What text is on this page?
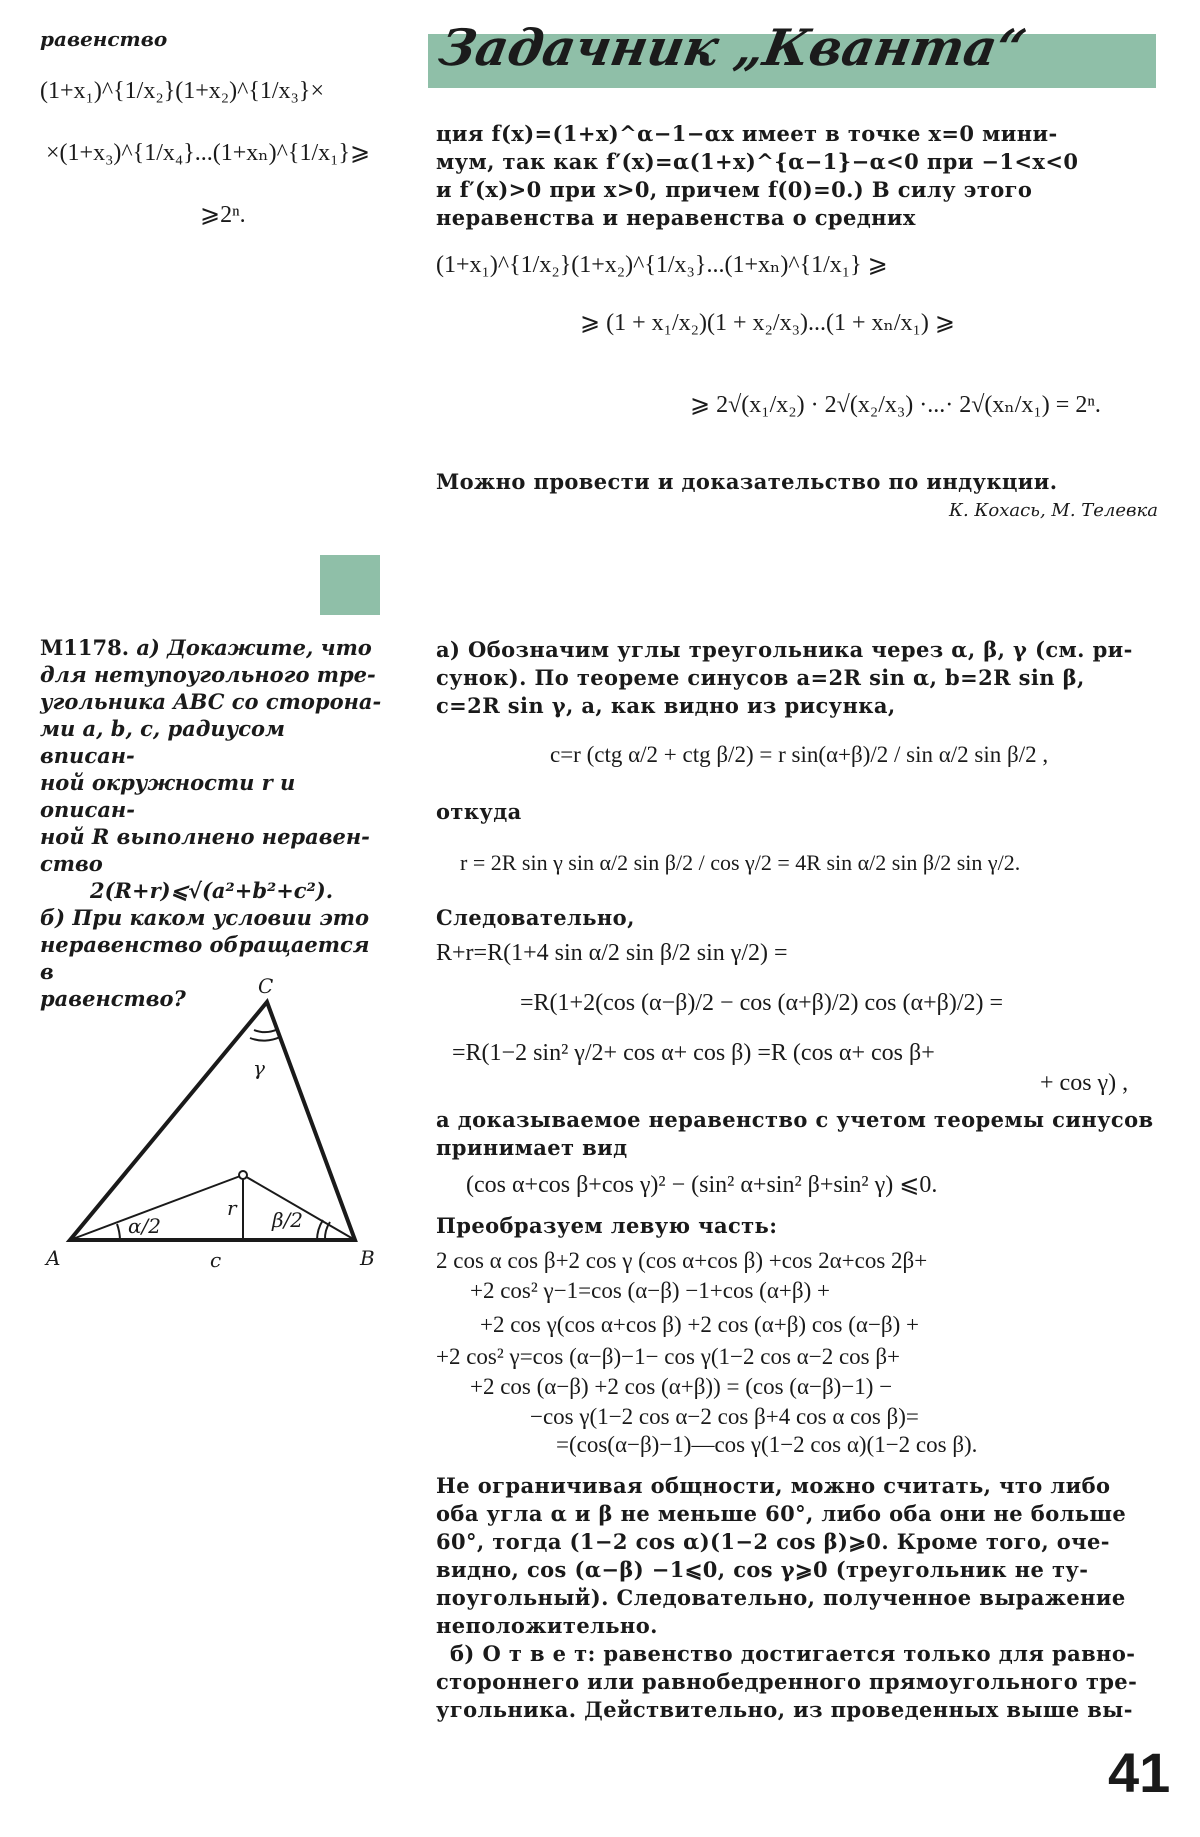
Задачник „Кванта“
равенство
(1+x₁)^{1/x₂}(1+x₂)^{1/x₃}×
×(1+x₃)^{1/x₄}...(1+xₙ)^{1/x₁}⩾
⩾2ⁿ.
ция f(x)=(1+x)^α−1−αx имеет в точке x=0 мини-
мум, так как f′(x)=α(1+x)^{α−1}−α<0 при −1<x<0
и f′(x)>0 при x>0, причем f(0)=0.) В силу этого
неравенства и неравенства о средних
(1+x₁)^{1/x₂}(1+x₂)^{1/x₃}...(1+xₙ)^{1/x₁} ⩾
⩾ (1 + x₁/x₂)(1 + x₂/x₃)...(1 + xₙ/x₁) ⩾
⩾ 2√(x₁/x₂) · 2√(x₂/x₃) ·...· 2√(xₙ/x₁) = 2ⁿ.
Можно провести и доказательство по индукции.
К. Кохась, М. Телевка
M1178. а) Докажите, что
для нетупоугольного тре-
угольника ABC со сторона-
ми a, b, c, радиусом вписан-
ной окружности r и описан-
ной R выполнено неравен-
ство
2(R+r)⩽√(a²+b²+c²).
б) При каком условии это
неравенство обращается в
равенство?
A	B
C
c
r
γ
α/2	β/2
а) Обозначим углы треугольника через α, β, γ (см. ри-
сунок). По теореме синусов a=2R sin α, b=2R sin β,
c=2R sin γ, а, как видно из рисунка,
c=r (ctg α/2 + ctg β/2) = r sin(α+β)/2 / sin α/2 sin β/2 ,
откуда
r = 2R sin γ sin α/2 sin β/2 / cos γ/2 = 4R sin α/2 sin β/2 sin γ/2.
Следовательно,
R+r=R(1+4 sin α/2 sin β/2 sin γ/2) =
=R(1+2(cos (α−β)/2 − cos (α+β)/2) cos (α+β)/2) =
=R(1−2 sin² γ/2+ cos α+ cos β) =R (cos α+ cos β+
+ cos γ) ,
а доказываемое неравенство с учетом теоремы синусов
принимает вид
(cos α+cos β+cos γ)² − (sin² α+sin² β+sin² γ) ⩽0.
Преобразуем левую часть:
2 cos α cos β+2 cos γ (cos α+cos β) +cos 2α+cos 2β+
+2 cos² γ−1=cos (α−β) −1+cos (α+β) +
+2 cos γ(cos α+cos β) +2 cos (α+β) cos (α−β) +
+2 cos² γ=cos (α−β)−1− cos γ(1−2 cos α−2 cos β+
+2 cos (α−β) +2 cos (α+β)) = (cos (α−β)−1) −
−cos γ(1−2 cos α−2 cos β+4 cos α cos β)=
=(cos(α−β)−1)—cos γ(1−2 cos α)(1−2 cos β).
Не ограничивая общности, можно считать, что либо
оба угла α и β не меньше 60°, либо оба они не больше
60°, тогда (1−2 cos α)(1−2 cos β)⩾0. Кроме того, оче-
видно, cos (α−β) −1⩽0, cos γ⩾0 (треугольник не ту-
поугольный). Следовательно, полученное выражение
неположительно.
б) О т в е т: равенство достигается только для равно-
стороннего или равнобедренного прямоугольного тре-
угольника. Действительно, из проведенных выше вы-
41
